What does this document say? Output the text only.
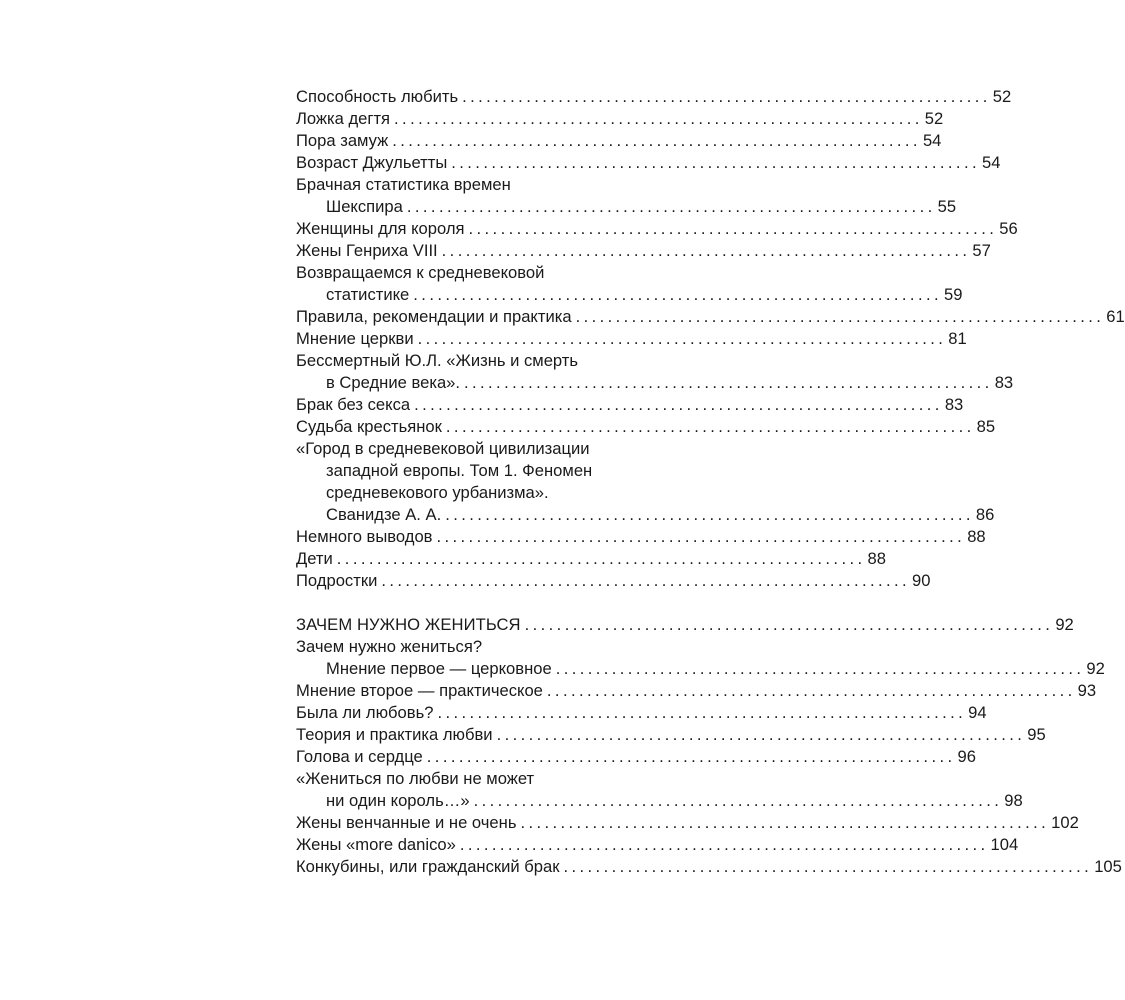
Способность любить .................................................................. 52
Ложка дегтя .................................................................. 52
Пора замуж .................................................................. 54
Возраст Джульетты .................................................................. 54
Брачная статистика времен
Шекспира .................................................................. 55
Женщины для короля .................................................................. 56
Жены Генриха VIII .................................................................. 57
Возвращаемся к средневековой
статистике .................................................................. 59
Правила, рекомендации и практика .................................................................. 61
Мнение церкви .................................................................. 81
Бессмертный Ю.Л. «Жизнь и смерть
в Средние века». .................................................................. 83
Брак без секса .................................................................. 83
Судьба крестьянок .................................................................. 85
«Город в средневековой цивилизации
западной европы. Том 1. Феномен
средневекового урбанизма».
Сванидзе А. А. .................................................................. 86
Немного выводов .................................................................. 88
Дети .................................................................. 88
Подростки .................................................................. 90
ЗАЧЕМ НУЖНО ЖЕНИТЬСЯ .................................................................. 92
Зачем нужно жениться?
Мнение первое — церковное .................................................................. 92
Мнение второе — практическое .................................................................. 93
Была ли любовь? .................................................................. 94
Теория и практика любви .................................................................. 95
Голова и сердце .................................................................. 96
«Жениться по любви не может
ни один король…» .................................................................. 98
Жены венчанные и не очень .................................................................. 102
Жены «more danico» .................................................................. 104
Конкубины, или гражданский брак .................................................................. 105
